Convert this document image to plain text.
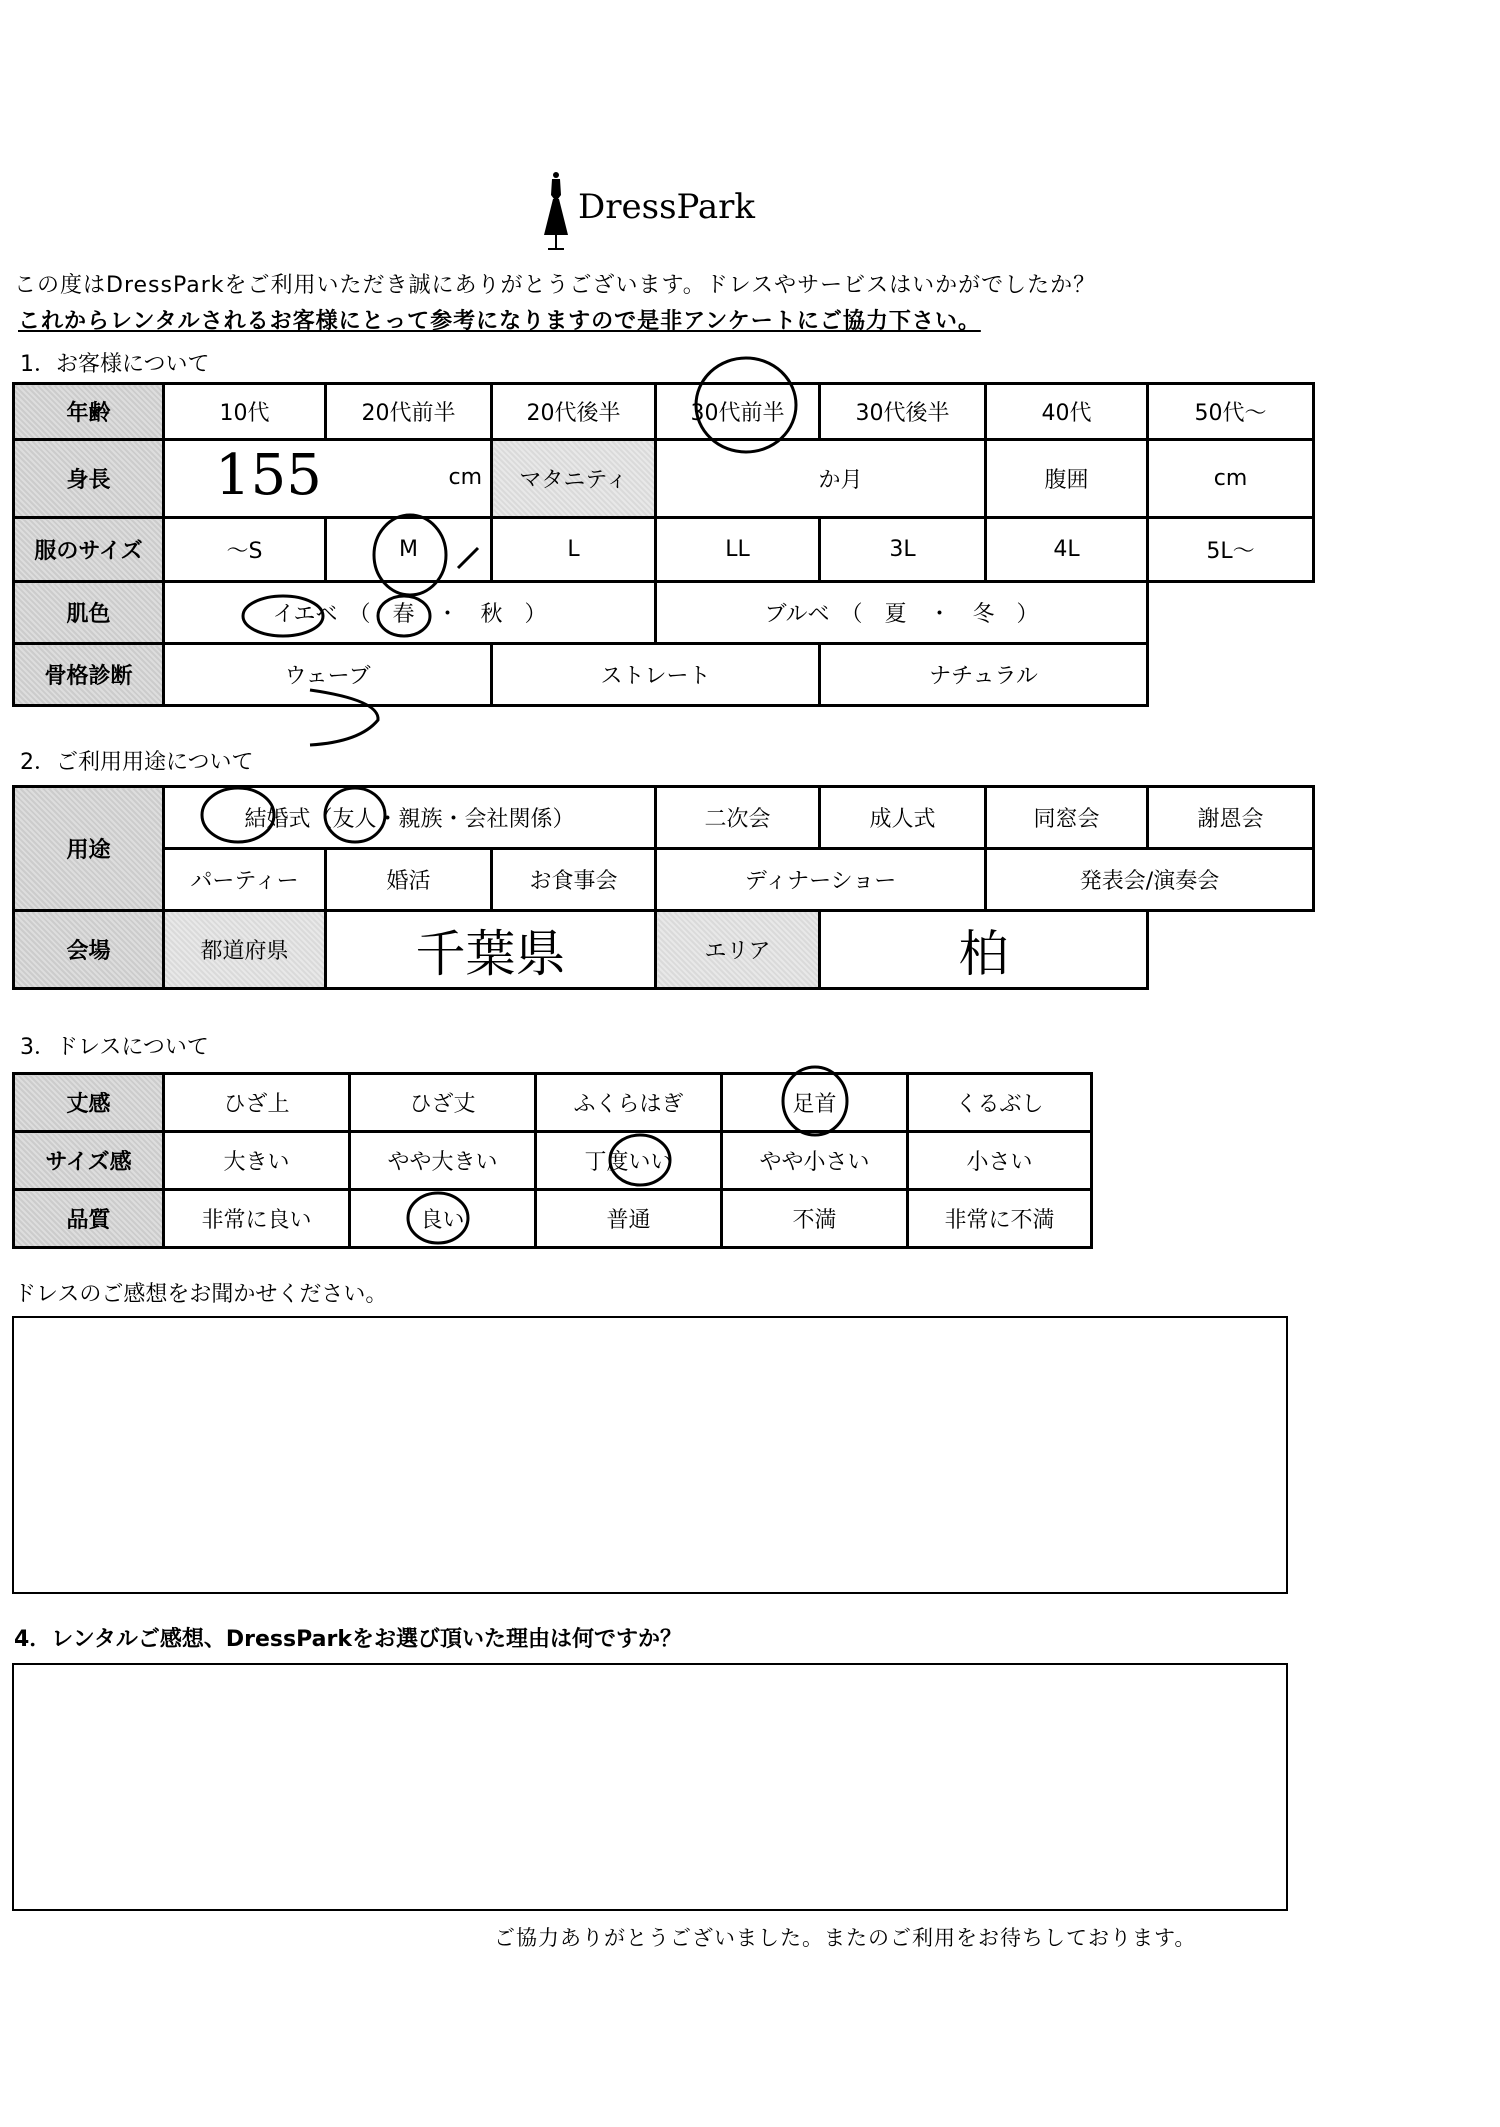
DressPark
この度はDressParkをご利用いただき誠にありがとうございます。ドレスやサービスはいかがでしたか？
これからレンタルされるお客様にとって参考になりますので是非アンケートにご協力下さい。
1．お客様について
年齢	10代	20代前半	20代後半	30代前半	30代後半	40代	50代～
身長	155 cm		マタニティ	か月		腹囲	cm
服のサイズ	～S	M	L	LL	3L	4L	5L～
肌色	イエベ　（　春　・　秋　）			ブルベ　（　夏　・　冬　）			
骨格診断	ウェーブ		ストレート		ナチュラル		
2．ご利用用途について
用途	結婚式（友人・親族・会社関係）			二次会	成人式	同窓会	謝恩会
	パーティー	婚活	お食事会	ディナーショー		発表会/演奏会	
会場	都道府県	千葉県		エリア	柏		
3．ドレスについて
丈感	ひざ上	ひざ丈	ふくらはぎ	足首	くるぶし
サイズ感	大きい	やや大きい	丁度いい	やや小さい	小さい
品質	非常に良い	良い	普通	不満	非常に不満
ドレスのご感想をお聞かせください。
4．レンタルご感想、DressParkをお選び頂いた理由は何ですか？
ご協力ありがとうございました。またのご利用をお待ちしております。
